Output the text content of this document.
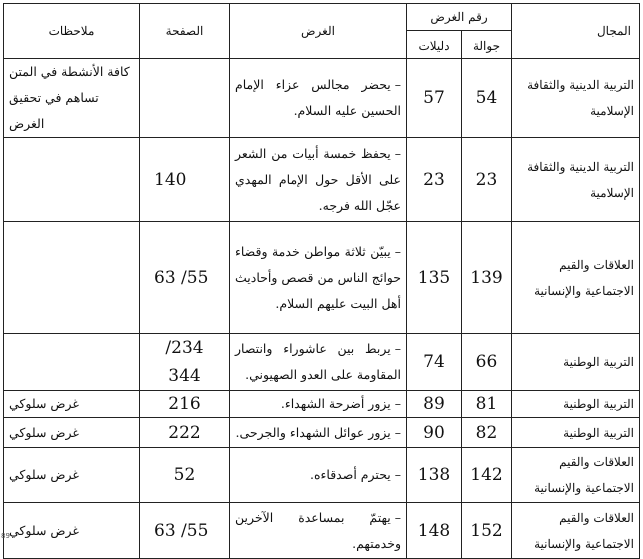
المجال	رقم الغرض		الغرض	الصفحة	ملاحظات
	جوالة	دليلات			
التربية الدينية والثقافة الإسلامية	54	57	–يحضر مجالس عزاء الإمام الحسين عليه السلام.		كافة الأنشطة في المتن تساهم في تحقيق الغرض
التربية الدينية والثقافة الإسلامية	23	23	–يحفظ خمسة أبيات من الشعر على الأقل حول الإمام المهدي عجّل الله فرجه.	140	
العلاقات والقيم الاجتماعية والإنسانية	139	135	–يبيّن ثلاثة مواطن خدمة وقضاء حوائج الناس من قصص وأحاديث أهل البيت عليهم السلام.	55/ 63	
التربية الوطنية	66	74	–يربط بين عاشوراء وانتصار المقاومة على العدو الصهيوني.	234/
344	

التربية الوطنية	81	89	–يزور أضرحة الشهداء.	216	غرض سلوكي
التربية الوطنية	82	90	–يزور عوائل الشهداء والجرحى.	222	غرض سلوكي
العلاقات والقيم الاجتماعية والإنسانية	142	138	–يحترم أصدقاءه.	52	غرض سلوكي
العلاقات والقيم الاجتماعية والإنسانية	152	148	–يهتمّ بمساعدة الآخرين وخدمتهم.	55/ 63	غرض سلوكي
89
